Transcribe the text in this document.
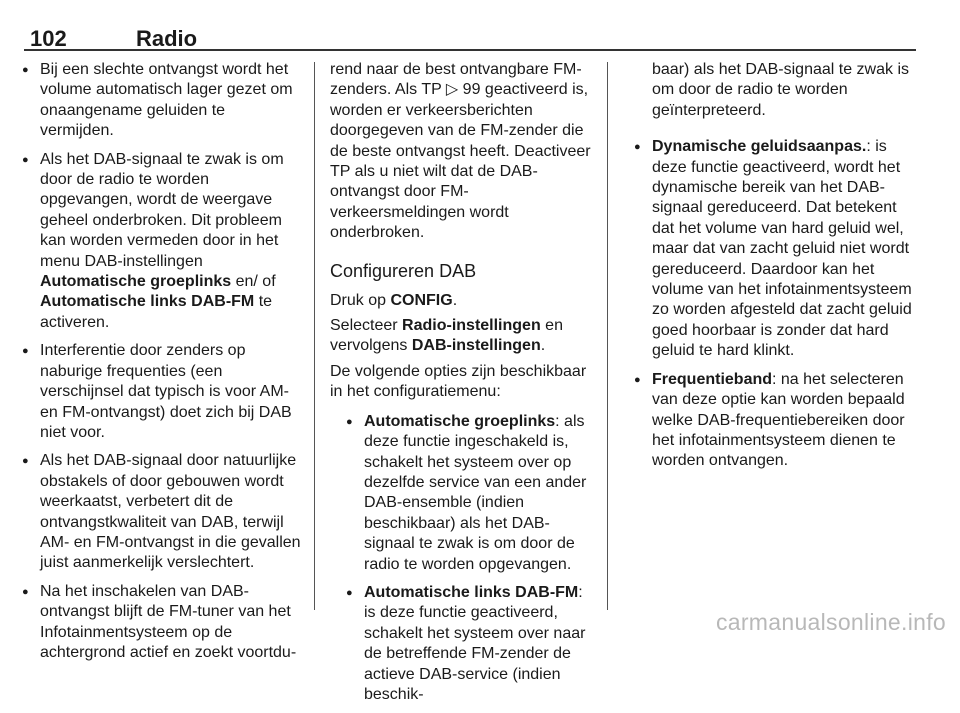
102	Radio
● Bij een slechte ontvangst wordt het volume automatisch lager gezet om onaangename geluiden te vermijden.
● Als het DAB-signaal te zwak is om door de radio te worden opgevangen, wordt de weergave geheel onderbroken. Dit probleem kan worden vermeden door in het menu DAB-instellingen Automatische groeplinks en/ of Automatische links DAB-FM te activeren.
● Interferentie door zenders op naburige frequenties (een verschijnsel dat typisch is voor AM- en FM-ontvangst) doet zich bij DAB niet voor.
● Als het DAB-signaal door natuurlijke obstakels of door gebouwen wordt weerkaatst, verbetert dit de ontvangstkwaliteit van DAB, terwijl AM- en FM-ontvangst in die gevallen juist aanmerkelijk verslechtert.
● Na het inschakelen van DAB-ontvangst blijft de FM-tuner van het Infotainmentsysteem op de achtergrond actief en zoekt voortdu-

rend naar de best ontvangbare FM-zenders. Als TP ▷ 99 geactiveerd is, worden er verkeersberichten doorgegeven van de FM-zender die de beste ontvangst heeft. Deactiveer TP als u niet wilt dat de DAB-ontvangst door FM-verkeersmeldingen wordt onderbroken.

Configureren DAB

Druk op CONFIG.

Selecteer Radio-instellingen en vervolgens DAB-instellingen.

De volgende opties zijn beschikbaar in het configuratiemenu:

● Automatische groeplinks: als deze functie ingeschakeld is, schakelt het systeem over op dezelfde service van een ander DAB-ensemble (indien beschikbaar) als het DAB-signaal te zwak is om door de radio te worden opgevangen.
● Automatische links DAB-FM: is deze functie geactiveerd, schakelt het systeem over naar de betreffende FM-zender de actieve DAB-service (indien beschik-

baar) als het DAB-signaal te zwak is om door de radio te worden geïnterpreteerd.

● Dynamische geluidsaanpas.: is deze functie geactiveerd, wordt het dynamische bereik van het DAB-signaal gereduceerd. Dat betekent dat het volume van hard geluid wel, maar dat van zacht geluid niet wordt gereduceerd. Daardoor kan het volume van het infotainmentsysteem zo worden afgesteld dat zacht geluid goed hoorbaar is zonder dat hard geluid te hard klinkt.
● Frequentieband: na het selecteren van deze optie kan worden bepaald welke DAB-frequentiebereiken door het infotainmentsysteem dienen te worden ontvangen.
carmanualsonline.info
